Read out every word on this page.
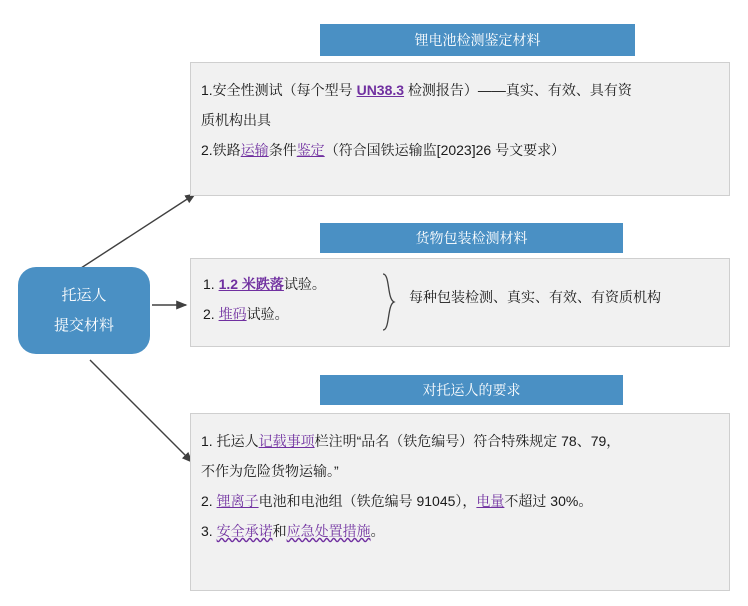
托运人
提交材料
锂电池检测鉴定材料
1.安全性测试（每个型号 UN38.3 检测报告）——真实、有效、具有资
质机构出具
2.铁路运输条件鉴定（符合国铁运输监[2023]26 号文要求）
货物包装检测材料
1. 1.2 米跌落试验。
2. 堆码试验。
每种包装检测、真实、有效、有资质机构
对托运人的要求
1. 托运人记载事项栏注明“品名（铁危编号）符合特殊规定 78、79，
不作为危险货物运输。”
2. 锂离子电池和电池组（铁危编号 91045），电量不超过 30%。
3. 安全承诺和应急处置措施。
